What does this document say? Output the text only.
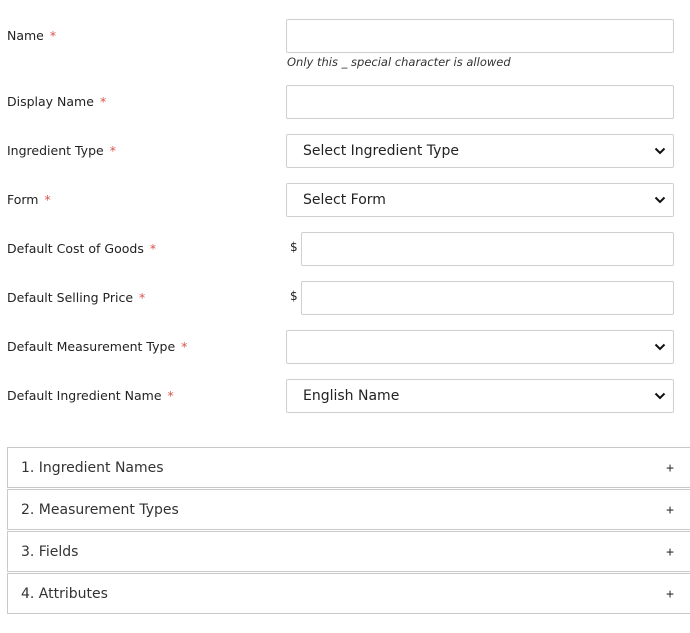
Name *
Only this _ special character is allowed
Display Name *
Ingredient Type *	Select Ingredient Type
Form *	Select Form
Default Cost of Goods *	$
Default Selling Price *	$
Default Measurement Type *
Default Ingredient Name *	English Name
1. Ingredient Names	+
2. Measurement Types	+
3. Fields	+
4. Attributes	+
